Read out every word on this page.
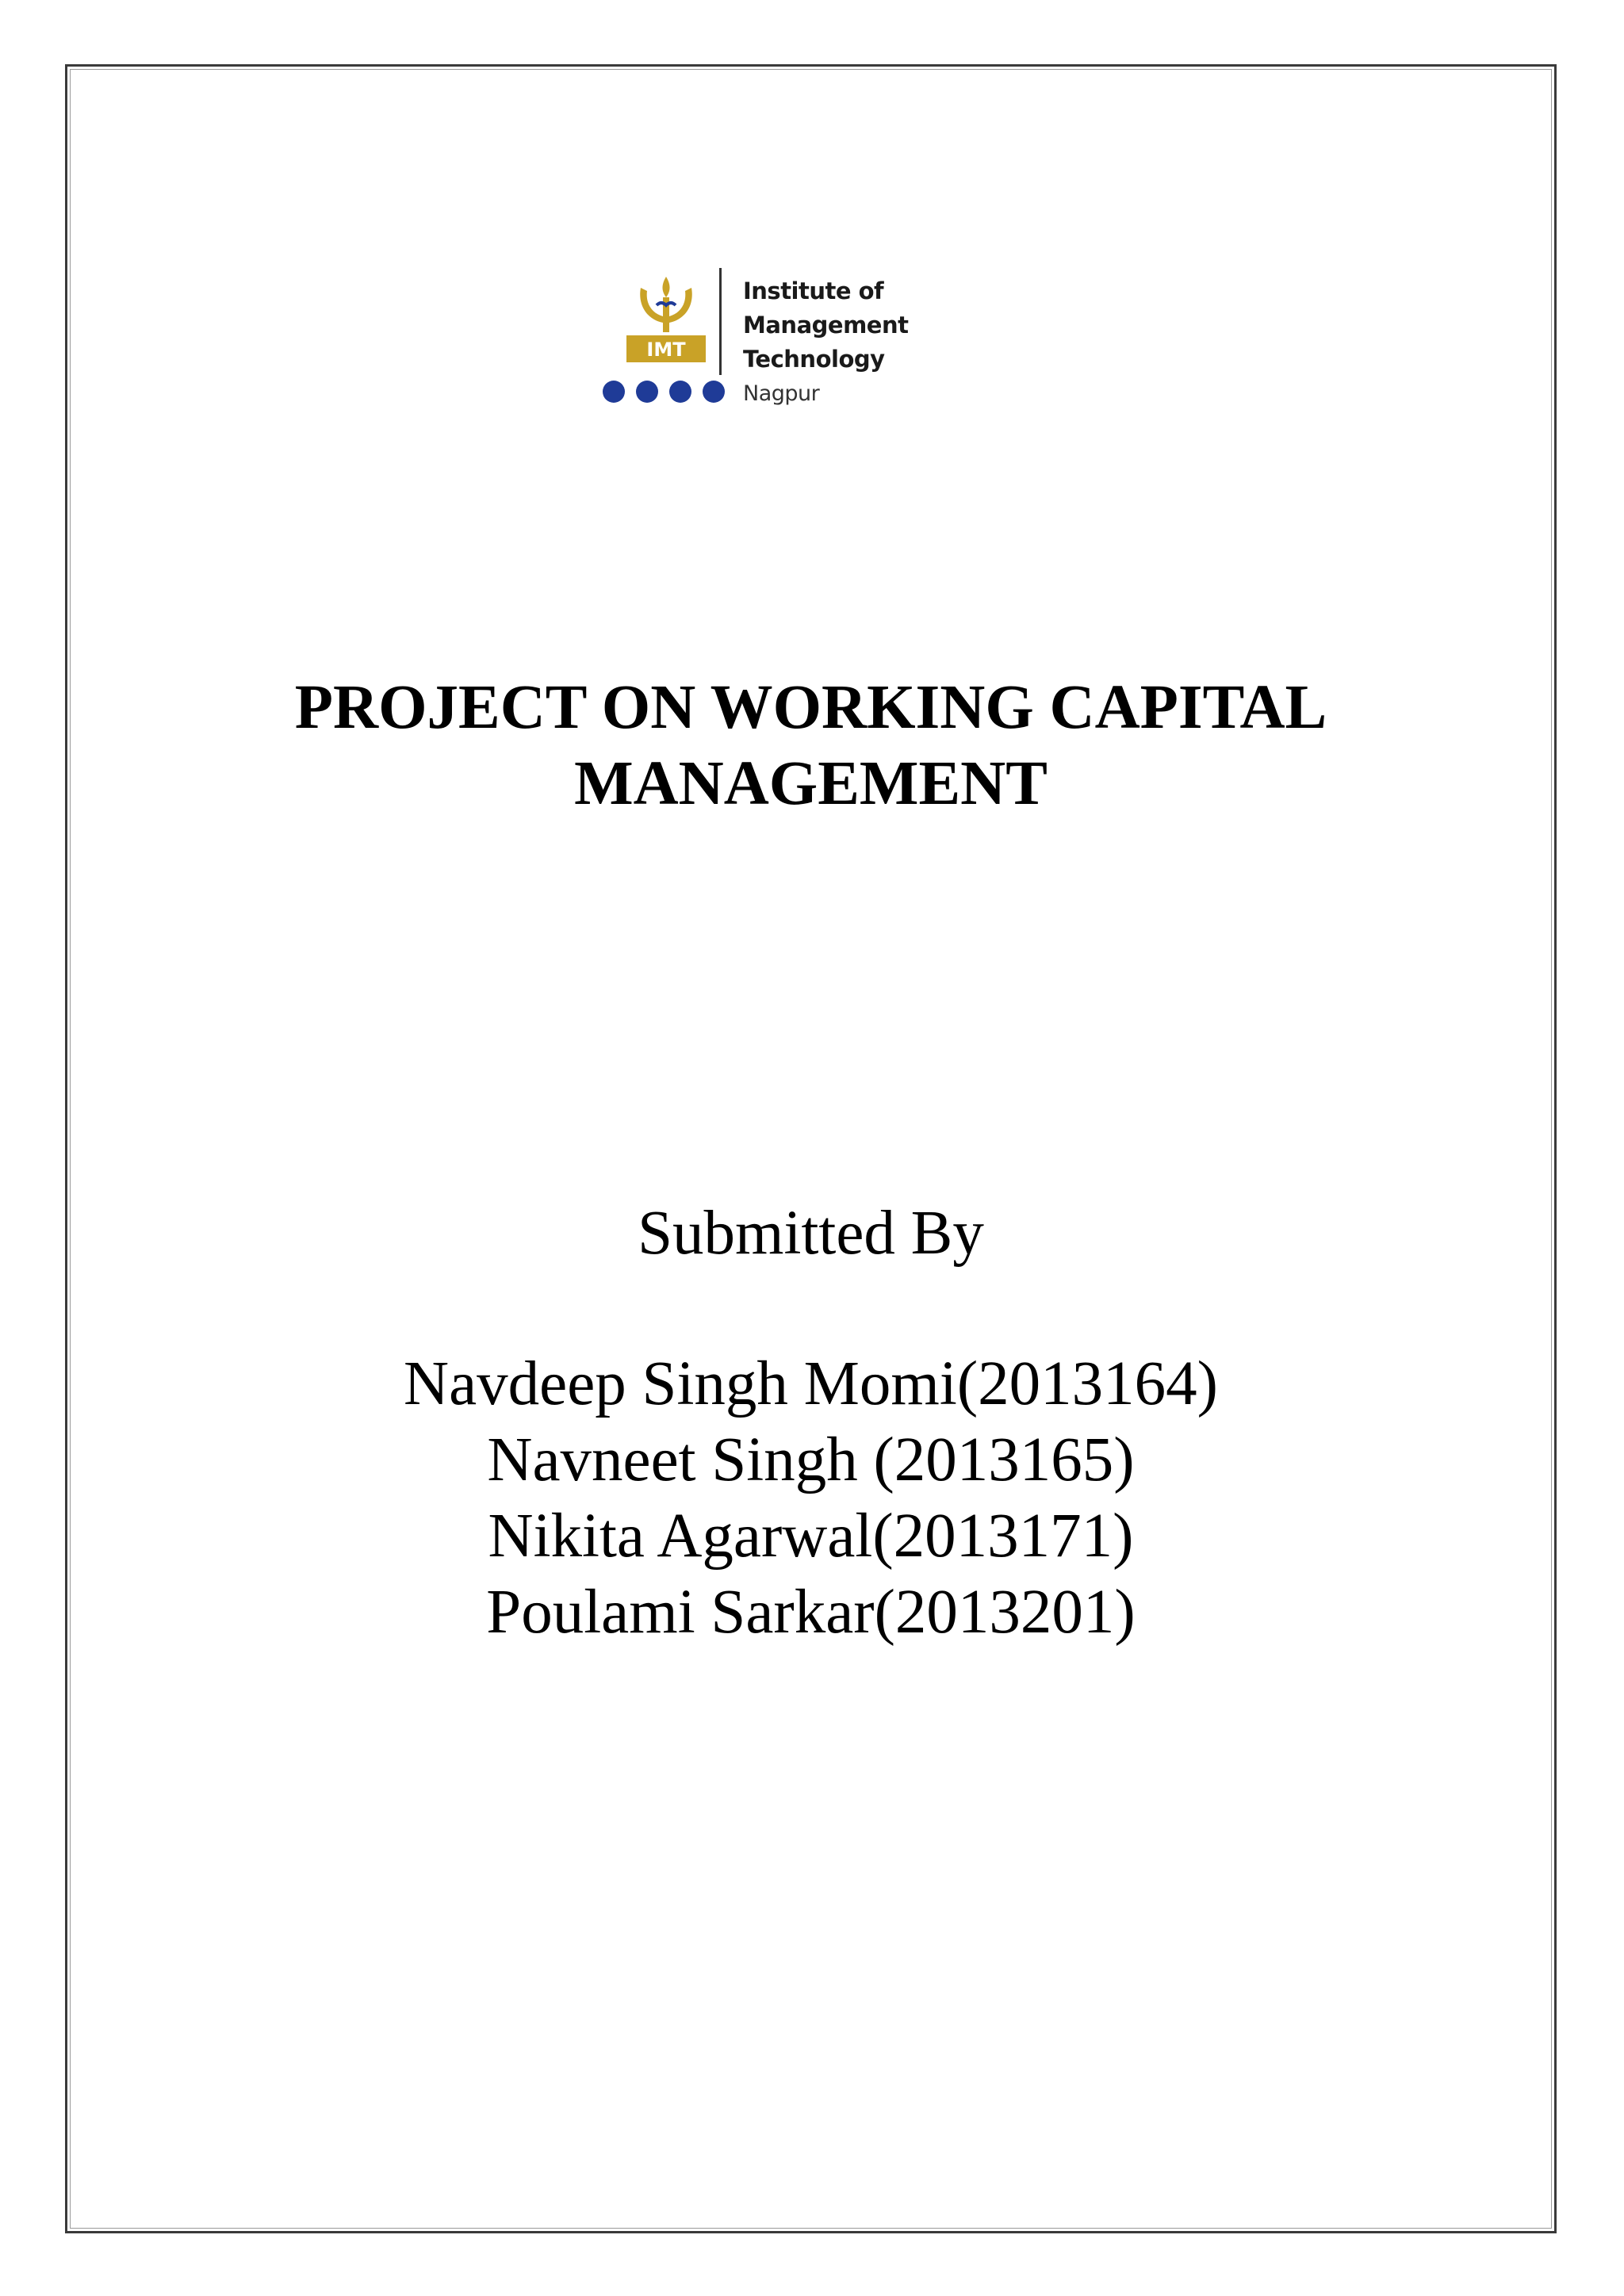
IMT
Institute of
Management Technology
Nagpur
PROJECT ON WORKING CAPITAL
MANAGEMENT
Submitted By
Navdeep Singh Momi(2013164)
Navneet Singh (2013165)
Nikita Agarwal(2013171)
Poulami Sarkar(2013201)
